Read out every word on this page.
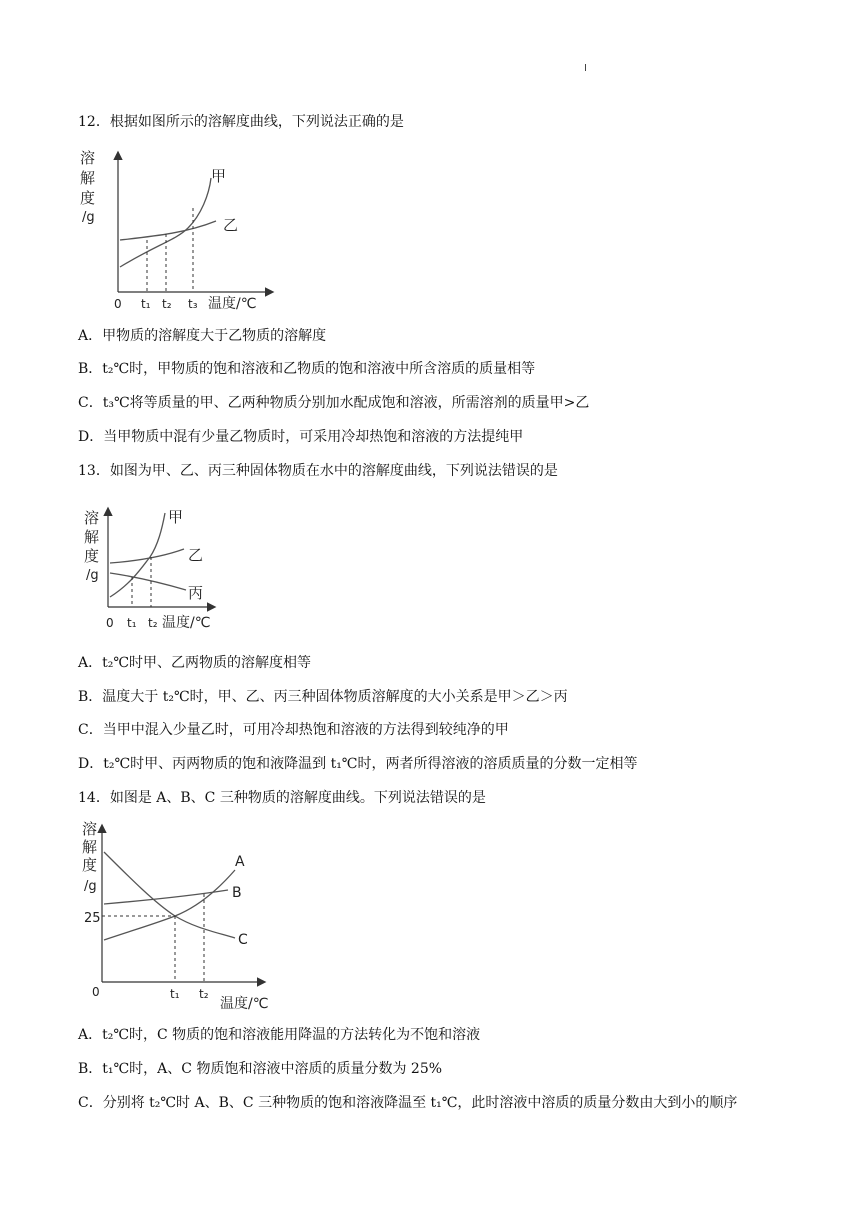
12．根据如图所示的溶解度曲线，下列说法正确的是
溶
解
度
/g
甲
乙
0 t₁ t₂ t₃ 温度/℃
A．甲物质的溶解度大于乙物质的溶解度
B．t₂℃时，甲物质的饱和溶液和乙物质的饱和溶液中所含溶质的质量相等
C．t₃℃将等质量的甲、乙两种物质分别加水配成饱和溶液，所需溶剂的质量甲>乙
D．当甲物质中混有少量乙物质时，可采用冷却热饱和溶液的方法提纯甲
13．如图为甲、乙、丙三种固体物质在水中的溶解度曲线，下列说法错误的是
溶
解
度
/g
甲
乙
丙
0 t₁ t₂ 温度/℃
A．t₂℃时甲、乙两物质的溶解度相等
B．温度大于 t₂℃时，甲、乙、丙三种固体物质溶解度的大小关系是甲＞乙＞丙
C．当甲中混入少量乙时，可用冷却热饱和溶液的方法得到较纯净的甲
D．t₂℃时甲、丙两物质的饱和液降温到 t₁℃时，两者所得溶液的溶质质量的分数一定相等
14．如图是 A、B、C 三种物质的溶解度曲线。下列说法错误的是
溶
解
度
/g
25
A
B
C
0	t₁ t₂
温度/℃
A．t₂℃时，C 物质的饱和溶液能用降温的方法转化为不饱和溶液
B．t₁℃时，A、C 物质饱和溶液中溶质的质量分数为 25%
C．分别将 t₂℃时 A、B、C 三种物质的饱和溶液降温至 t₁℃，此时溶液中溶质的质量分数由大到小的顺序
